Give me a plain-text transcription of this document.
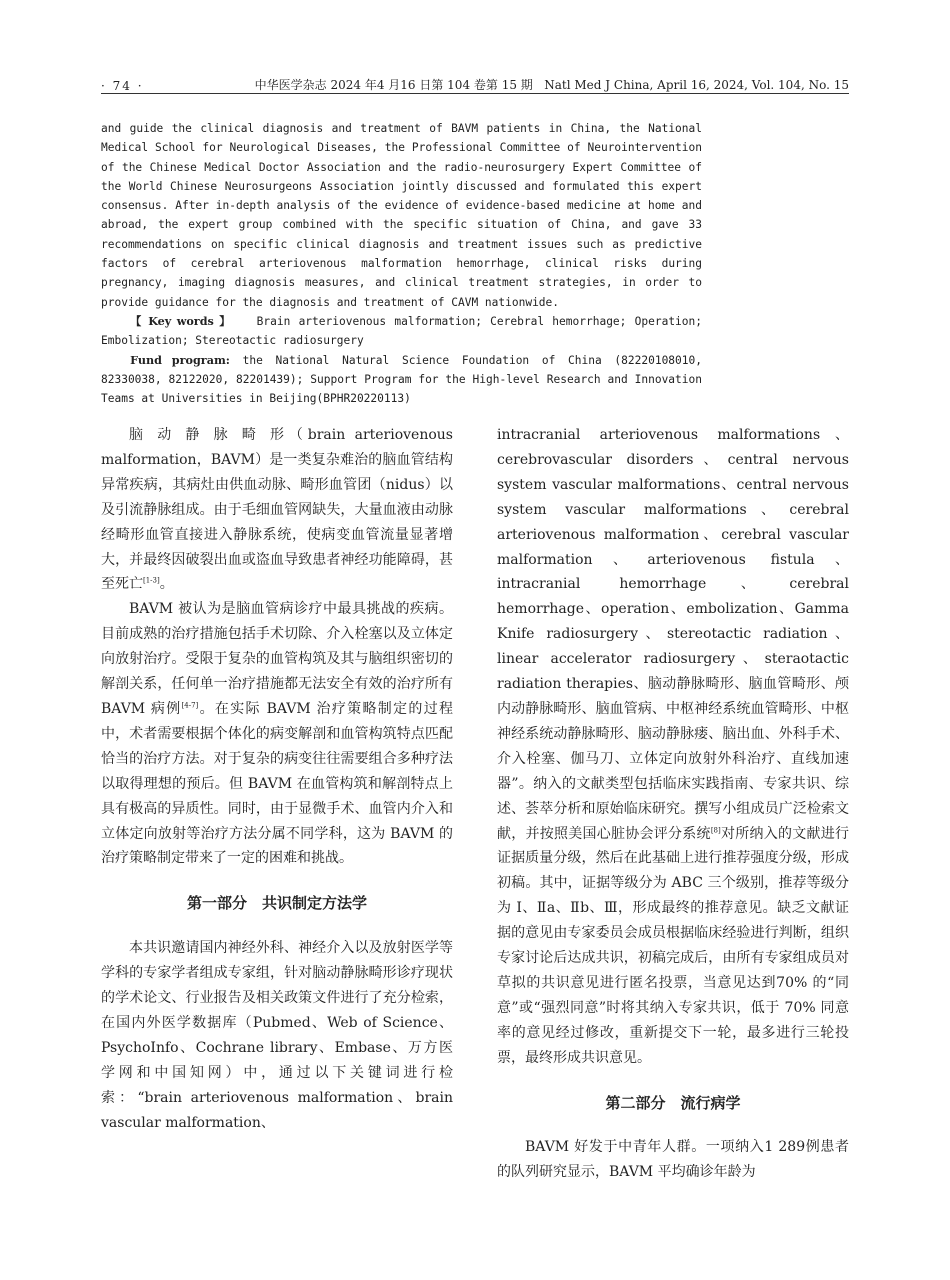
· 74 ·	中华医学杂志 2024 年4 月16 日第 104 卷第 15 期 Natl Med J China, April 16, 2024, Vol. 104, No. 15

and guide the clinical diagnosis and treatment of BAVM patients in China, the National Medical School for Neurological Diseases, the Professional Committee of Neurointervention of the Chinese Medical Doctor Association and the radio-neurosurgery Expert Committee of the World Chinese Neurosurgeons Association jointly discussed and formulated this expert consensus. After in-depth analysis of the evidence of evidence-based medicine at home and abroad, the expert group combined with the specific situation of China, and gave 33 recommendations on specific clinical diagnosis and treatment issues such as predictive factors of cerebral arteriovenous malformation hemorrhage, clinical risks during pregnancy, imaging diagnosis measures, and clinical treatment strategies, in order to provide guidance for the diagnosis and treatment of CAVM nationwide.

【 Key words 】 Brain arteriovenous malformation; Cerebral hemorrhage; Operation; Embolization; Stereotactic radiosurgery

Fund program: the National Natural Science Foundation of China (82220108010, 82330038, 82122020, 82201439); Support Program for the High-level Research and Innovation Teams at Universities in Beijing(BPHR20220113)

脑 动 静 脉 畸 形（brain arteriovenous malformation，BAVM）是一类复杂难治的脑血管结构异常疾病，其病灶由供血动脉、畸形血管团（nidus）以及引流静脉组成。由于毛细血管网缺失，大量血液由动脉经畸形血管直接进入静脉系统，使病变血管流量显著增大，并最终因破裂出血或盗血导致患者神经功能障碍，甚至死亡[1-3]。

BAVM 被认为是脑血管病诊疗中最具挑战的疾病。目前成熟的治疗措施包括手术切除、介入栓塞以及立体定向放射治疗。受限于复杂的血管构筑及其与脑组织密切的解剖关系，任何单一治疗措施都无法安全有效的治疗所有 BAVM 病例[4-7]。在实际 BAVM 治疗策略制定的过程中，术者需要根据个体化的病变解剖和血管构筑特点匹配恰当的治疗方法。对于复杂的病变往往需要组合多种疗法以取得理想的预后。但 BAVM 在血管构筑和解剖特点上具有极高的异质性。同时，由于显微手术、血管内介入和立体定向放射等治疗方法分属不同学科，这为 BAVM 的治疗策略制定带来了一定的困难和挑战。

第一部分　共识制定方法学

本共识邀请国内神经外科、神经介入以及放射医学等学科的专家学者组成专家组，针对脑动静脉畸形诊疗现状的学术论文、行业报告及相关政策文件进行了充分检索，在国内外医学数据库（Pubmed、Web of Science、PsychoInfo、Cochrane library、Embase、万方医学网和中国知网）中，通过以下关键词进行检索：“brain arteriovenous malformation、brain vascular malformation、

intracranial arteriovenous malformations、cerebrovascular disorders、central nervous system vascular malformations、central nervous system vascular malformations、cerebral arteriovenous malformation、cerebral vascular malformation、arteriovenous fistula、intracranial hemorrhage、cerebral hemorrhage、operation、embolization、Gamma Knife radiosurgery、stereotactic radiation、linear accelerator radiosurgery、steraotactic radiation therapies、脑动静脉畸形、脑血管畸形、颅内动静脉畸形、脑血管病、中枢神经系统血管畸形、中枢神经系统动静脉畸形、脑动静脉瘘、脑出血、外科手术、介入栓塞、伽马刀、立体定向放射外科治疗、直线加速器”。纳入的文献类型包括临床实践指南、专家共识、综述、荟萃分析和原始临床研究。撰写小组成员广泛检索文献，并按照美国心脏协会评分系统[8]对所纳入的文献进行证据质量分级，然后在此基础上进行推荐强度分级，形成初稿。其中，证据等级分为 ABC 三个级别，推荐等级分为 Ⅰ、Ⅱa、Ⅱb、Ⅲ，形成最终的推荐意见。缺乏文献证据的意见由专家委员会成员根据临床经验进行判断，组织专家讨论后达成共识，初稿完成后，由所有专家组成员对草拟的共识意见进行匿名投票，当意见达到70% 的“同意”或“强烈同意”时将其纳入专家共识，低于 70% 同意率的意见经过修改，重新提交下一轮，最多进行三轮投票，最终形成共识意见。

第二部分　流行病学

BAVM 好发于中青年人群。一项纳入1 289例患者的队列研究显示，BAVM 平均确诊年龄为
